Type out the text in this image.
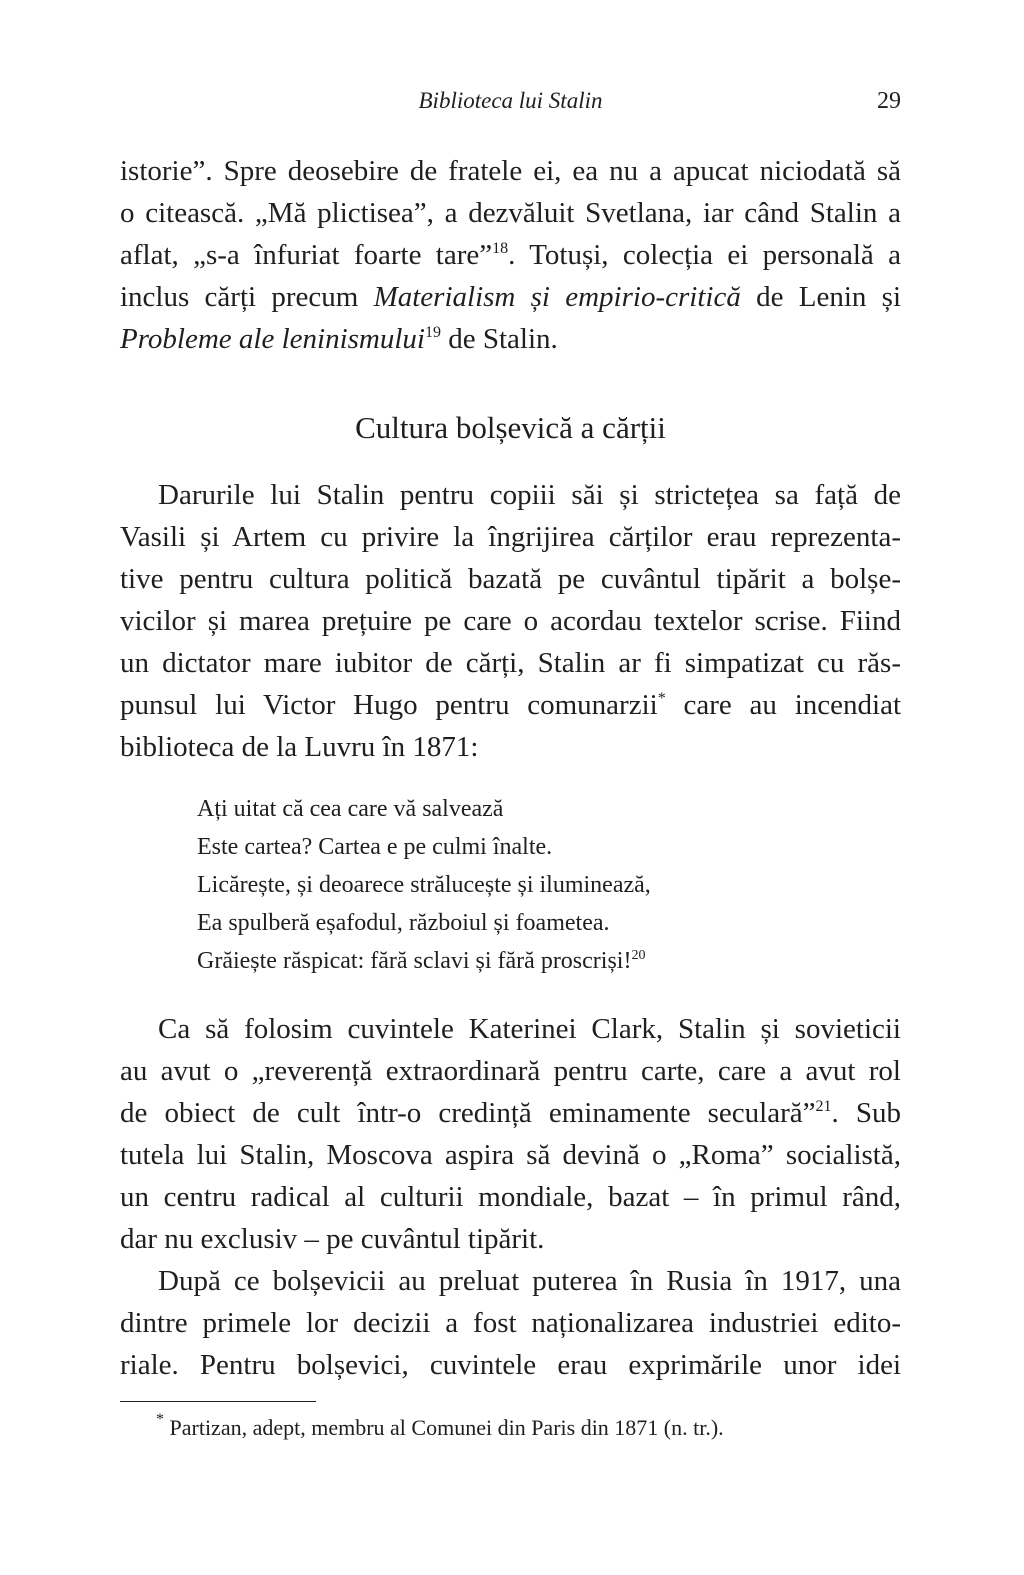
Biblioteca lui Stalin	29
istorie”. Spre deosebire de fratele ei, ea nu a apucat niciodată să
o citească. „Mă plictisea”, a dezvăluit Svetlana, iar când Stalin a
aflat, „s-a înfuriat foarte tare”$^{18}$. Totuși, colecția ei personală a
inclus cărți precum Materialism și empirio-critică de Lenin și
Probleme ale leninismului$^{19}$ de Stalin.
Cultura bolșevică a cărții
Darurile lui Stalin pentru copiii săi și strictețea sa față de
Vasili și Artem cu privire la îngrijirea cărților erau reprezenta-
tive pentru cultura politică bazată pe cuvântul tipărit a bolșe-
vicilor și marea prețuire pe care o acordau textelor scrise. Fiind
un dictator mare iubitor de cărți, Stalin ar fi simpatizat cu răs-
punsul lui Victor Hugo pentru comunarzii* care au incendiat
biblioteca de la Luvru în 1871:
Ați uitat că cea care vă salvează
Este cartea? Cartea e pe culmi înalte.
Licărește, și deoarece strălucește și iluminează,
Ea spulberă eșafodul, războiul și foametea.
Grăiește răspicat: fără sclavi și fără proscriși!$^{20}$
Ca să folosim cuvintele Katerinei Clark, Stalin și sovieticii
au avut o „reverență extraordinară pentru carte, care a avut rol
de obiect de cult într-o credință eminamente seculară”$^{21}$. Sub
tutela lui Stalin, Moscova aspira să devină o „Roma” socialistă,
un centru radical al culturii mondiale, bazat – în primul rând,
dar nu exclusiv – pe cuvântul tipărit.
După ce bolșevicii au preluat puterea în Rusia în 1917, una
dintre primele lor decizii a fost naționalizarea industriei edito-
riale. Pentru bolșevici, cuvintele erau exprimările unor idei
* Partizan, adept, membru al Comunei din Paris din 1871 (n. tr.).
